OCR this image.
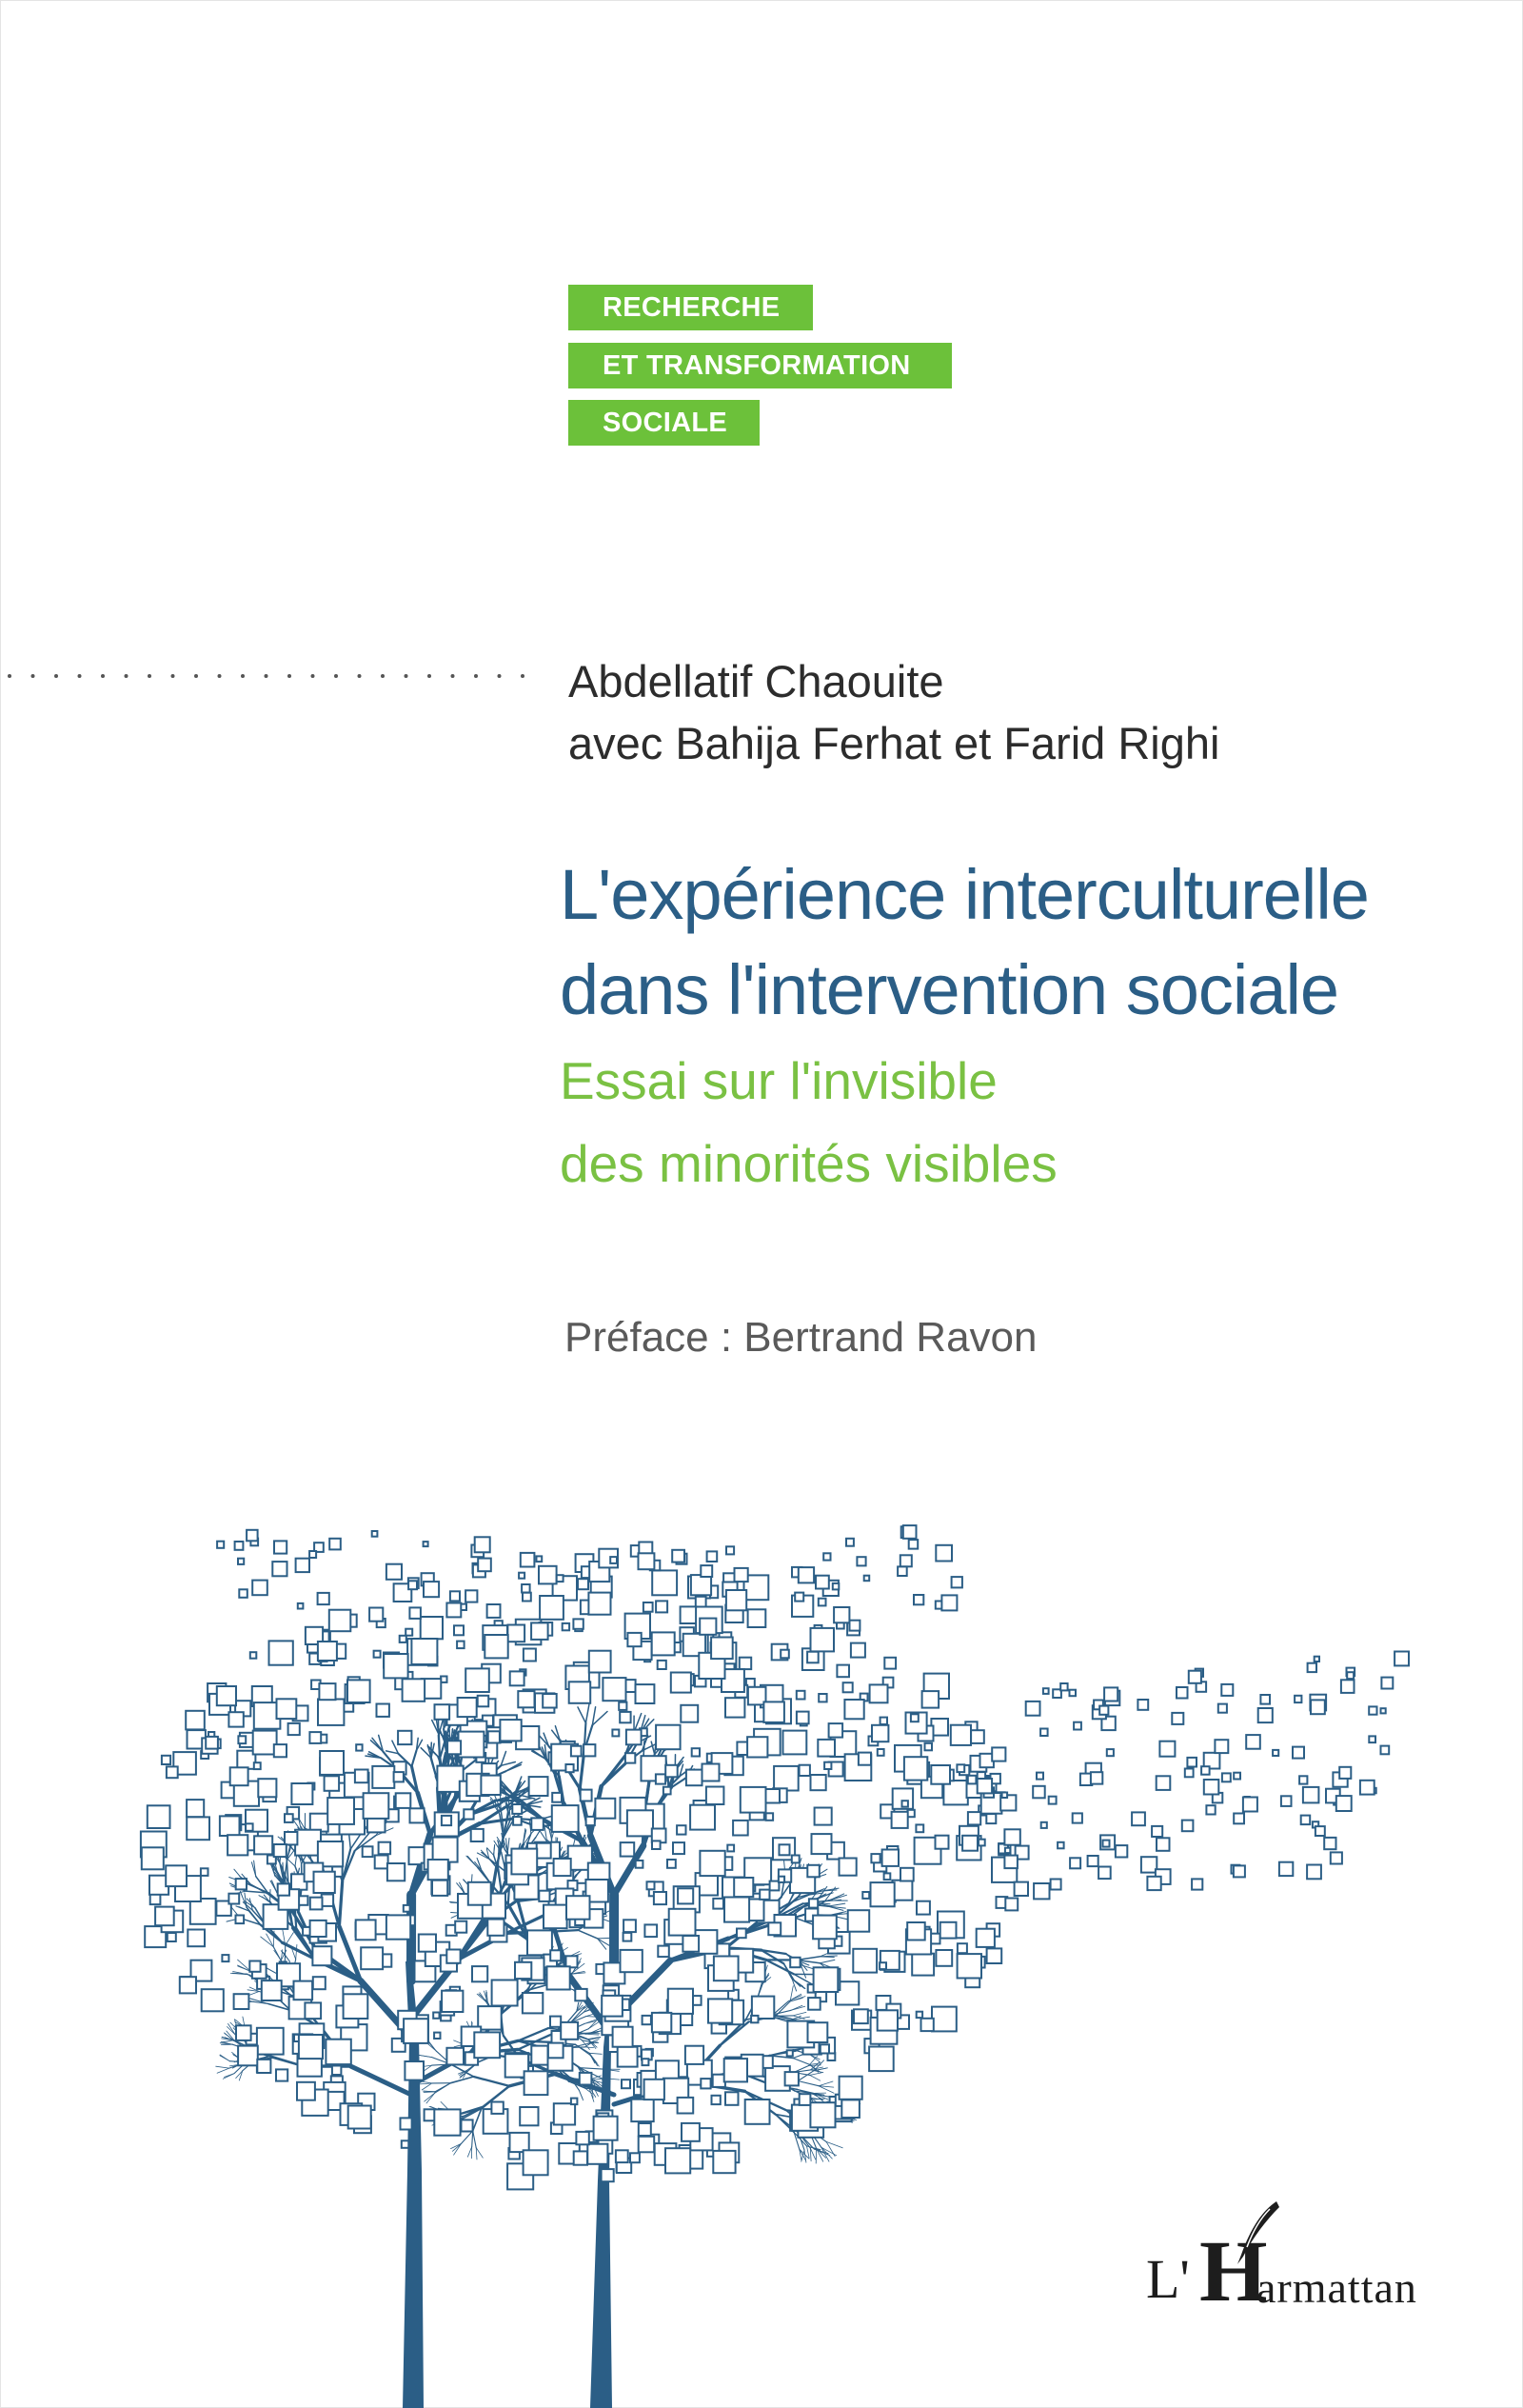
RECHERCHE
ET TRANSFORMATION
SOCIALE
Abdellatif Chaouite
avec Bahija Ferhat et Farid Righi
L'expérience interculturelle
dans l'intervention sociale
Essai sur l'invisible
des minorités visibles
Préface : Bertrand Ravon
L' H
armattan
